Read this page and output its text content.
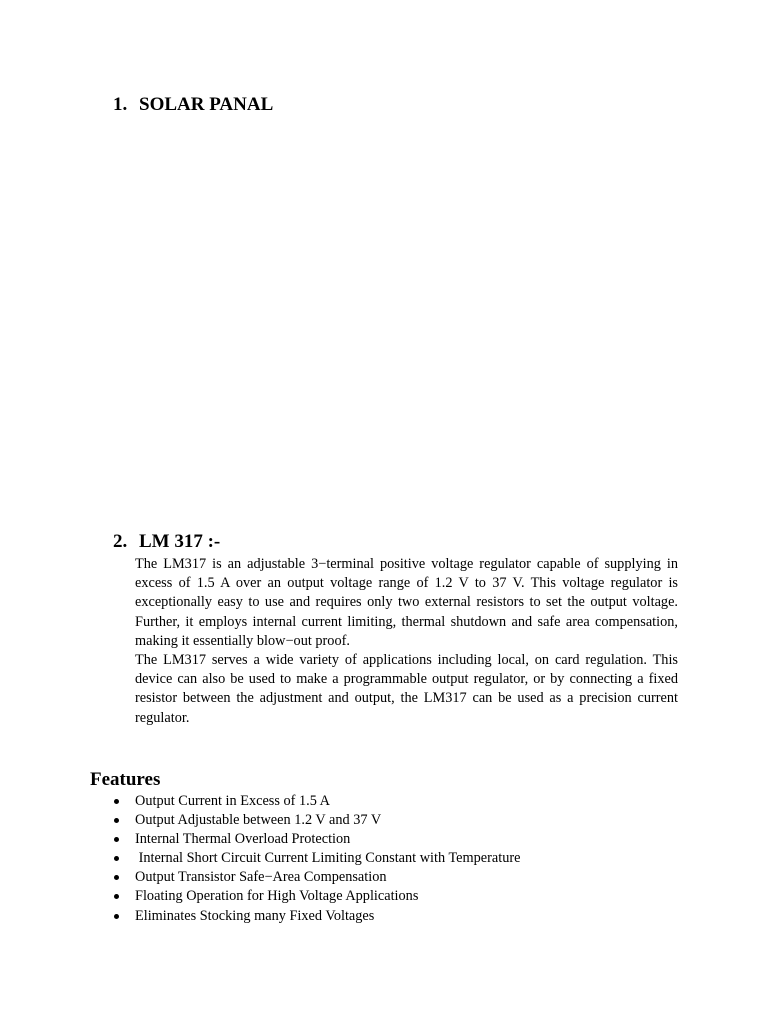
1. SOLAR PANAL
2. LM 317 :-

The LM317 is an adjustable 3−terminal positive voltage regulator capable of supplying in excess of 1.5 A over an output voltage range of 1.2 V to 37 V. This voltage regulator is exceptionally easy to use and requires only two external resistors to set the output voltage. Further, it employs internal current limiting, thermal shutdown and safe area compensation, making it essentially blow−out proof.

The LM317 serves a wide variety of applications including local, on card regulation. This device can also be used to make a programmable output regulator, or by connecting a fixed resistor between the adjustment and output, the LM317 can be used as a precision current regulator.

Features
Output Current in Excess of 1.5 A
Output Adjustable between 1.2 V and 37 V
Internal Thermal Overload Protection
Internal Short Circuit Current Limiting Constant with Temperature
Output Transistor Safe−Area Compensation
Floating Operation for High Voltage Applications
Eliminates Stocking many Fixed Voltages
